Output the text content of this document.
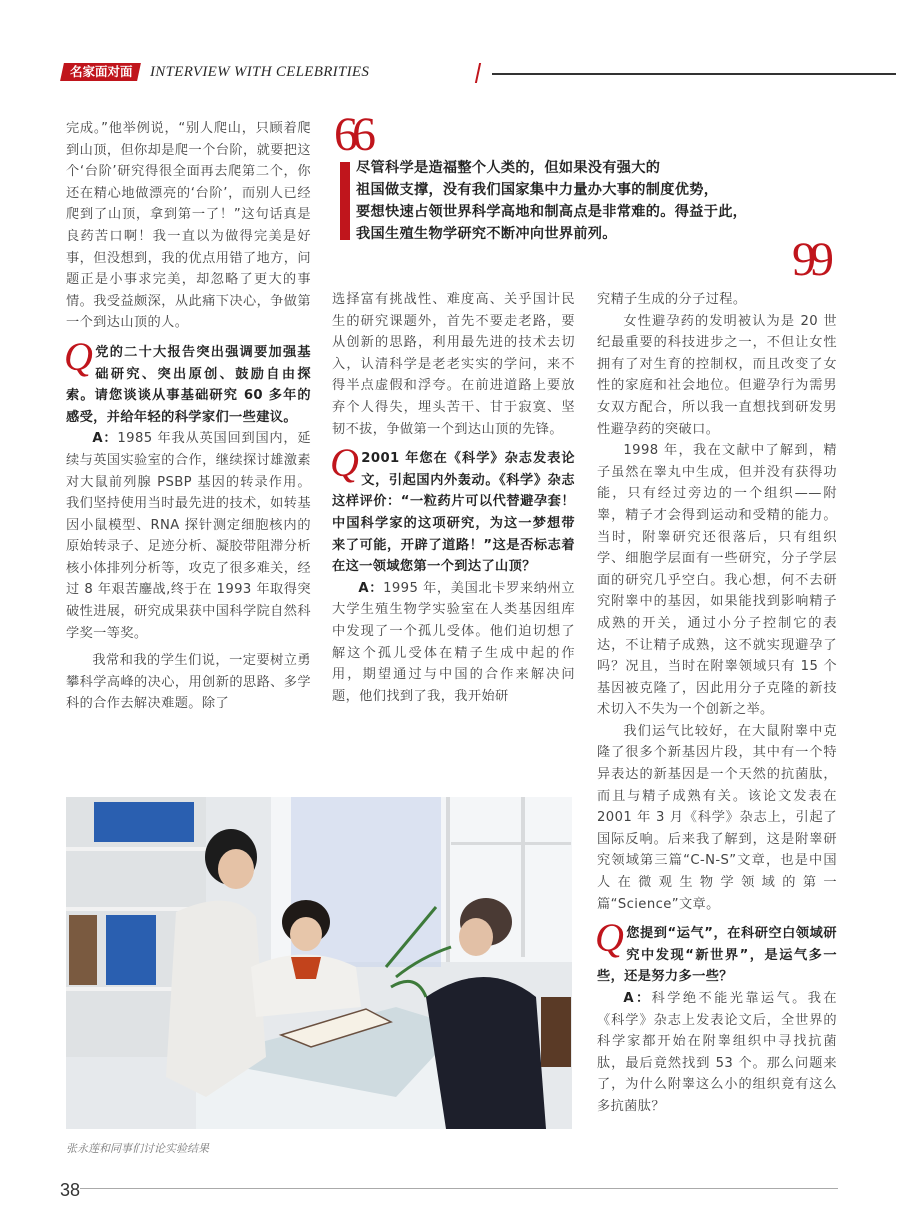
名家面对面	INTERVIEW WITH CELEBRITIES

完成。”他举例说，“别人爬山，只顾着爬到山顶，但你却是爬一个台阶，就要把这个‘台阶’研究得很全面再去爬第二个，你还在精心地做漂亮的‘台阶’，而别人已经爬到了山顶，拿到第一了！”这句话真是良药苦口啊！我一直以为做得完美是好事，但没想到，我的优点用错了地方，问题正是小事求完美，却忽略了更大的事情。我受益颇深，从此痛下决心，争做第一个到达山顶的人。

Q 党的二十大报告突出强调要加强基础研究、突出原创、鼓励自由探索。请您谈谈从事基础研究 60 多年的感受，并给年轻的科学家们一些建议。

A：1985 年我从英国回到国内，延续与英国实验室的合作，继续探讨雄激素对大鼠前列腺 PSBP 基因的转录作用。我们坚持使用当时最先进的技术，如转基因小鼠模型、RNA 探针测定细胞核内的原始转录子、足迹分析、凝胶带阻滞分析核小体排列分析等，攻克了很多难关，经过 8 年艰苦鏖战,终于在 1993 年取得突破性进展，研究成果获中国科学院自然科学奖一等奖。

我常和我的学生们说，一定要树立勇攀科学高峰的决心，用创新的思路、多学科的合作去解决难题。除了

66
尽管科学是造福整个人类的，但如果没有强大的
祖国做支撑，没有我们国家集中力量办大事的制度优势，
要想快速占领世界科学高地和制高点是非常难的。得益于此，
我国生殖生物学研究不断冲向世界前列。	99

选择富有挑战性、难度高、关乎国计民生的研究课题外，首先不要走老路，要从创新的思路，利用最先进的技术去切入，认清科学是老老实实的学问，来不得半点虚假和浮夸。在前进道路上要放弃个人得失，埋头苦干、甘于寂寞、坚韧不拔，争做第一个到达山顶的先锋。

Q 2001 年您在《科学》杂志发表论文，引起国内外轰动。《科学》杂志这样评价：“一粒药片可以代替避孕套！中国科学家的这项研究，为这一梦想带来了可能，开辟了道路！”这是否标志着在这一领域您第一个到达了山顶？

A：1995 年，美国北卡罗来纳州立大学生殖生物学实验室在人类基因组库中发现了一个孤儿受体。他们迫切想了解这个孤儿受体在精子生成中起的作用，期望通过与中国的合作来解决问题，他们找到了我，我开始研

究精子生成的分子过程。

女性避孕药的发明被认为是 20 世纪最重要的科技进步之一，不但让女性拥有了对生育的控制权，而且改变了女性的家庭和社会地位。但避孕行为需男女双方配合，所以我一直想找到研发男性避孕药的突破口。

1998 年，我在文献中了解到，精子虽然在睾丸中生成，但并没有获得功能，只有经过旁边的一个组织——附睾，精子才会得到运动和受精的能力。当时，附睾研究还很落后，只有组织学、细胞学层面有一些研究，分子学层面的研究几乎空白。我心想，何不去研究附睾中的基因，如果能找到影响精子成熟的开关，通过小分子控制它的表达，不让精子成熟，这不就实现避孕了吗？况且，当时在附睾领域只有 15 个基因被克隆了，因此用分子克隆的新技术切入不失为一个创新之举。

我们运气比较好，在大鼠附睾中克隆了很多个新基因片段，其中有一个特异表达的新基因是一个天然的抗菌肽，而且与精子成熟有关。该论文发表在 2001 年 3 月《科学》杂志上，引起了国际反响。后来我了解到，这是附睾研究领域第三篇“C-N-S”文章，也是中国人在微观生物学领域的第一篇“Science”文章。

Q 您提到“运气”，在科研空白领域研究中发现“新世界”，是运气多一些，还是努力多一些？

A：科学绝不能光靠运气。我在《科学》杂志上发表论文后，全世界的科学家都开始在附睾组织中寻找抗菌肽，最后竟然找到 53 个。那么问题来了，为什么附睾这么小的组织竟有这么多抗菌肽？

张永莲和同事们讨论实验结果
38
